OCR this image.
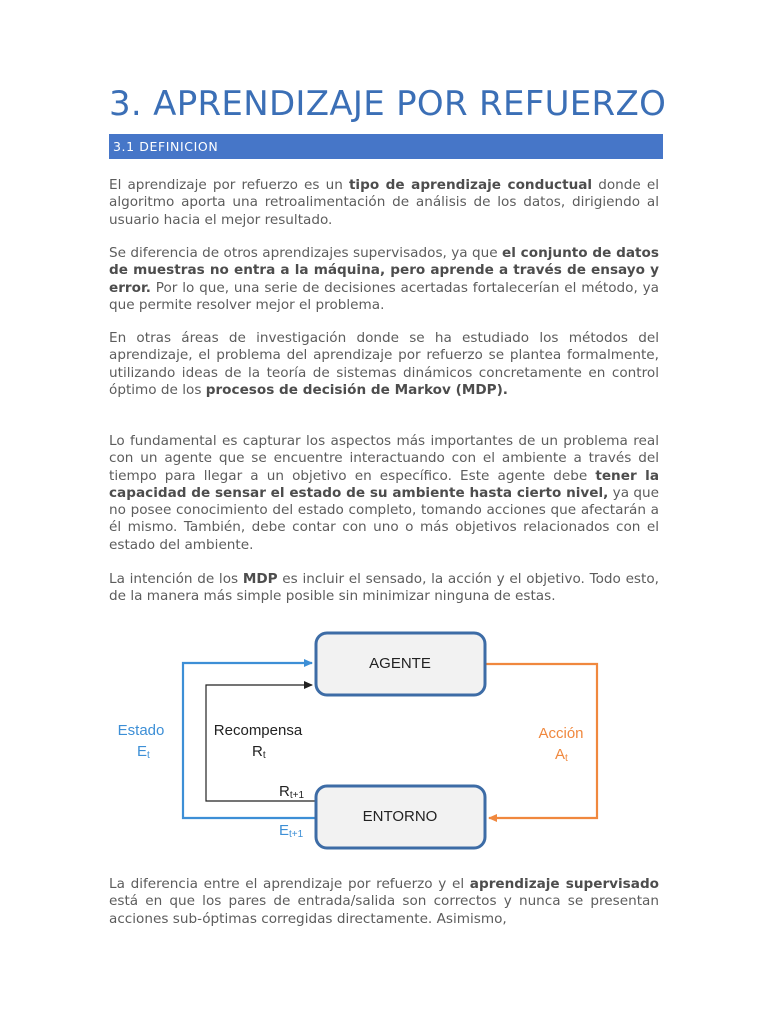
3. APRENDIZAJE POR REFUERZO
3.1 DEFINICION

El aprendizaje por refuerzo es un tipo de aprendizaje conductual donde el algoritmo aporta una retroalimentación de análisis de los datos, dirigiendo al usuario hacia el mejor resultado.

Se diferencia de otros aprendizajes supervisados, ya que el conjunto de datos de muestras no entra a la máquina, pero aprende a través de ensayo y error. Por lo que, una serie de decisiones acertadas fortalecerían el método, ya que permite resolver mejor el problema.

En otras áreas de investigación donde se ha estudiado los métodos del aprendizaje, el problema del aprendizaje por refuerzo se plantea formalmente, utilizando ideas de la teoría de sistemas dinámicos concretamente en control óptimo de los procesos de decisión de Markov (MDP).

Lo fundamental es capturar los aspectos más importantes de un problema real con un agente que se encuentre interactuando con el ambiente a través del tiempo para llegar a un objetivo en específico. Este agente debe tener la capacidad de sensar el estado de su ambiente hasta cierto nivel, ya que no posee conocimiento del estado completo, tomando acciones que afectarán a él mismo. También, debe contar con uno o más objetivos relacionados con el estado del ambiente.

La intención de los MDP es incluir el sensado, la acción y el objetivo. Todo esto, de la manera más simple posible sin minimizar ninguna de estas.

La diferencia entre el aprendizaje por refuerzo y el aprendizaje supervisado está en que los pares de entrada/salida son correctos y nunca se presentan acciones sub-óptimas corregidas directamente. Asimismo,

AGENTE
ENTORNO
Estado
Et
Recompensa
Rt
Rt+1
Et+1
Acción
At
